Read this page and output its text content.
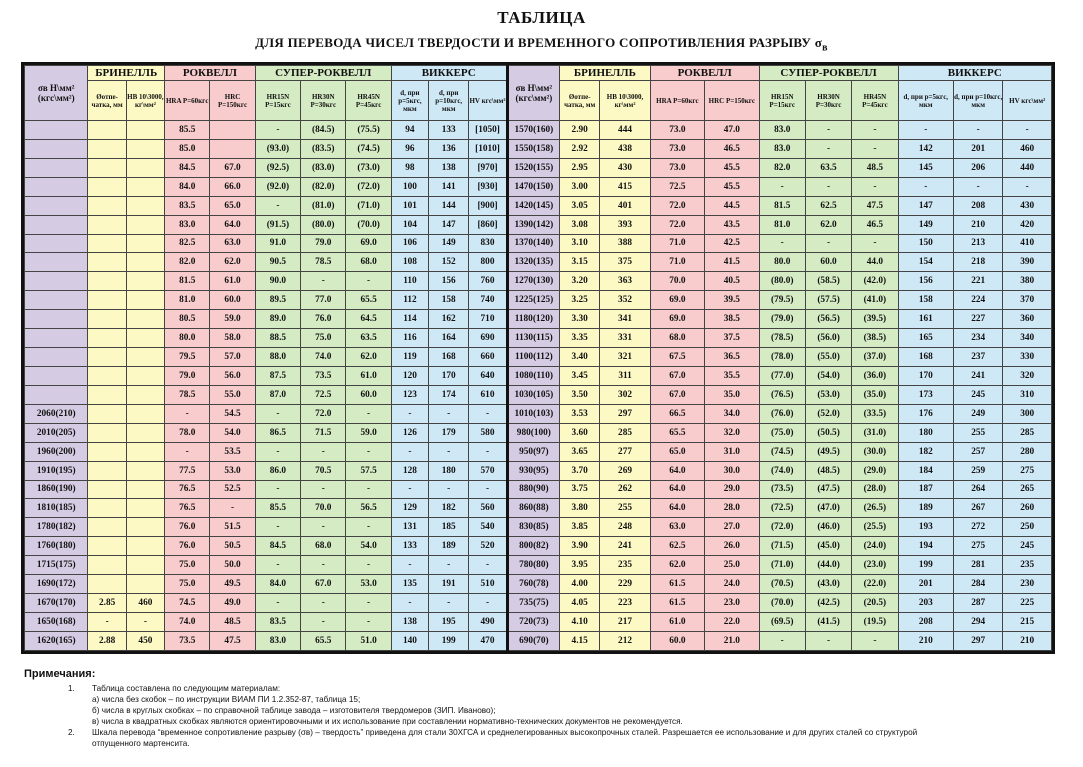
ТАБЛИЦА
ДЛЯ ПЕРЕВОДА ЧИСЕЛ ТВЕРДОСТИ И ВРЕМЕННОГО СОПРОТИВЛЕНИЯ РАЗРЫВУ $\sigma_в$
σв H\мм² (кгс\мм²)	БРИНЕЛЛЬ		РОКВЕЛЛ		СУПЕР-РОКВЕЛЛ			ВИККЕРС			σв H\мм² (кгс\мм²)	БРИНЕЛЛЬ		РОКВЕЛЛ		СУПЕР-РОКВЕЛЛ			ВИККЕРС		
	Øотпе-чатка, мм	HB 10\3000, кг\мм²	HRA P=60кгс	HRC P=150кгс	HR15N P=15кгс	HR30N P=30кгс	HR45N P=45кгс	d, при p=5кгс, мкм	d, при p=10кгс, мкм	HV кгс\мм²		Øотпе-чатка, мм	HB 10\3000, кг\мм²	HRA P=60кгс	HRC P=150кгс	HR15N P=15кгс	HR30N P=30кгс	HR45N P=45кгс	d, при p=5кгс, мкм	d, при p=10кгс, мкм	HV кгс\мм²
			85.5		-	(84.5)	(75.5)	94	133	[1050]	1570(160)	2.90	444	73.0	47.0	83.0	-	-	-	-	-
			85.0		(93.0)	(83.5)	(74.5)	96	136	[1010]	1550(158)	2.92	438	73.0	46.5	83.0	-	-	142	201	460
			84.5	67.0	(92.5)	(83.0)	(73.0)	98	138	[970]	1520(155)	2.95	430	73.0	45.5	82.0	63.5	48.5	145	206	440
			84.0	66.0	(92.0)	(82.0)	(72.0)	100	141	[930]	1470(150)	3.00	415	72.5	45.5	-	-	-	-	-	-
			83.5	65.0	-	(81.0)	(71.0)	101	144	[900]	1420(145)	3.05	401	72.0	44.5	81.5	62.5	47.5	147	208	430
			83.0	64.0	(91.5)	(80.0)	(70.0)	104	147	[860]	1390(142)	3.08	393	72.0	43.5	81.0	62.0	46.5	149	210	420
			82.5	63.0	91.0	79.0	69.0	106	149	830	1370(140)	3.10	388	71.0	42.5	-	-	-	150	213	410
			82.0	62.0	90.5	78.5	68.0	108	152	800	1320(135)	3.15	375	71.0	41.5	80.0	60.0	44.0	154	218	390
			81.5	61.0	90.0	-	-	110	156	760	1270(130)	3.20	363	70.0	40.5	(80.0)	(58.5)	(42.0)	156	221	380
			81.0	60.0	89.5	77.0	65.5	112	158	740	1225(125)	3.25	352	69.0	39.5	(79.5)	(57.5)	(41.0)	158	224	370
			80.5	59.0	89.0	76.0	64.5	114	162	710	1180(120)	3.30	341	69.0	38.5	(79.0)	(56.5)	(39.5)	161	227	360
			80.0	58.0	88.5	75.0	63.5	116	164	690	1130(115)	3.35	331	68.0	37.5	(78.5)	(56.0)	(38.5)	165	234	340
			79.5	57.0	88.0	74.0	62.0	119	168	660	1100(112)	3.40	321	67.5	36.5	(78.0)	(55.0)	(37.0)	168	237	330
			79.0	56.0	87.5	73.5	61.0	120	170	640	1080(110)	3.45	311	67.0	35.5	(77.0)	(54.0)	(36.0)	170	241	320
			78.5	55.0	87.0	72.5	60.0	123	174	610	1030(105)	3.50	302	67.0	35.0	(76.5)	(53.0)	(35.0)	173	245	310
2060(210)			-	54.5	-	72.0	-	-	-	-	1010(103)	3.53	297	66.5	34.0	(76.0)	(52.0)	(33.5)	176	249	300
2010(205)			78.0	54.0	86.5	71.5	59.0	126	179	580	980(100)	3.60	285	65.5	32.0	(75.0)	(50.5)	(31.0)	180	255	285
1960(200)			-	53.5	-	-	-	-	-	-	950(97)	3.65	277	65.0	31.0	(74.5)	(49.5)	(30.0)	182	257	280
1910(195)			77.5	53.0	86.0	70.5	57.5	128	180	570	930(95)	3.70	269	64.0	30.0	(74.0)	(48.5)	(29.0)	184	259	275
1860(190)			76.5	52.5	-	-	-	-	-	-	880(90)	3.75	262	64.0	29.0	(73.5)	(47.5)	(28.0)	187	264	265
1810(185)			76.5	-	85.5	70.0	56.5	129	182	560	860(88)	3.80	255	64.0	28.0	(72.5)	(47.0)	(26.5)	189	267	260
1780(182)			76.0	51.5	-	-	-	131	185	540	830(85)	3.85	248	63.0	27.0	(72.0)	(46.0)	(25.5)	193	272	250
1760(180)			76.0	50.5	84.5	68.0	54.0	133	189	520	800(82)	3.90	241	62.5	26.0	(71.5)	(45.0)	(24.0)	194	275	245
1715(175)			75.0	50.0	-	-	-	-	-	-	780(80)	3.95	235	62.0	25.0	(71.0)	(44.0)	(23.0)	199	281	235
1690(172)			75.0	49.5	84.0	67.0	53.0	135	191	510	760(78)	4.00	229	61.5	24.0	(70.5)	(43.0)	(22.0)	201	284	230
1670(170)	2.85	460	74.5	49.0	-	-	-	-	-	-	735(75)	4.05	223	61.5	23.0	(70.0)	(42.5)	(20.5)	203	287	225
1650(168)	-	-	74.0	48.5	83.5	-	-	138	195	490	720(73)	4.10	217	61.0	22.0	(69.5)	(41.5)	(19.5)	208	294	215
1620(165)	2.88	450	73.5	47.5	83.0	65.5	51.0	140	199	470	690(70)	4.15	212	60.0	21.0	-	-	-	210	297	210
Примечания:
1. Таблица составлена по следующим материалам:
а) числа без скобок – по инструкции ВИАМ ПИ 1.2.352-87, таблица 15;
б) числа в круглых скобках – по справочной таблице завода – изготовителя твердомеров (ЗИП. Иваново);
в) числа в квадратных скобках являются ориентировочными и их использование при составлении нормативно-технических документов не рекомендуется.
2. Шкала перевода “временное сопротивление разрыву (σв) – твердость” приведена для стали 30ХГСА и среднелегированных высокопрочных сталей. Разрешается ее использование и для других сталей со структурой
отпущенного мартенсита.
